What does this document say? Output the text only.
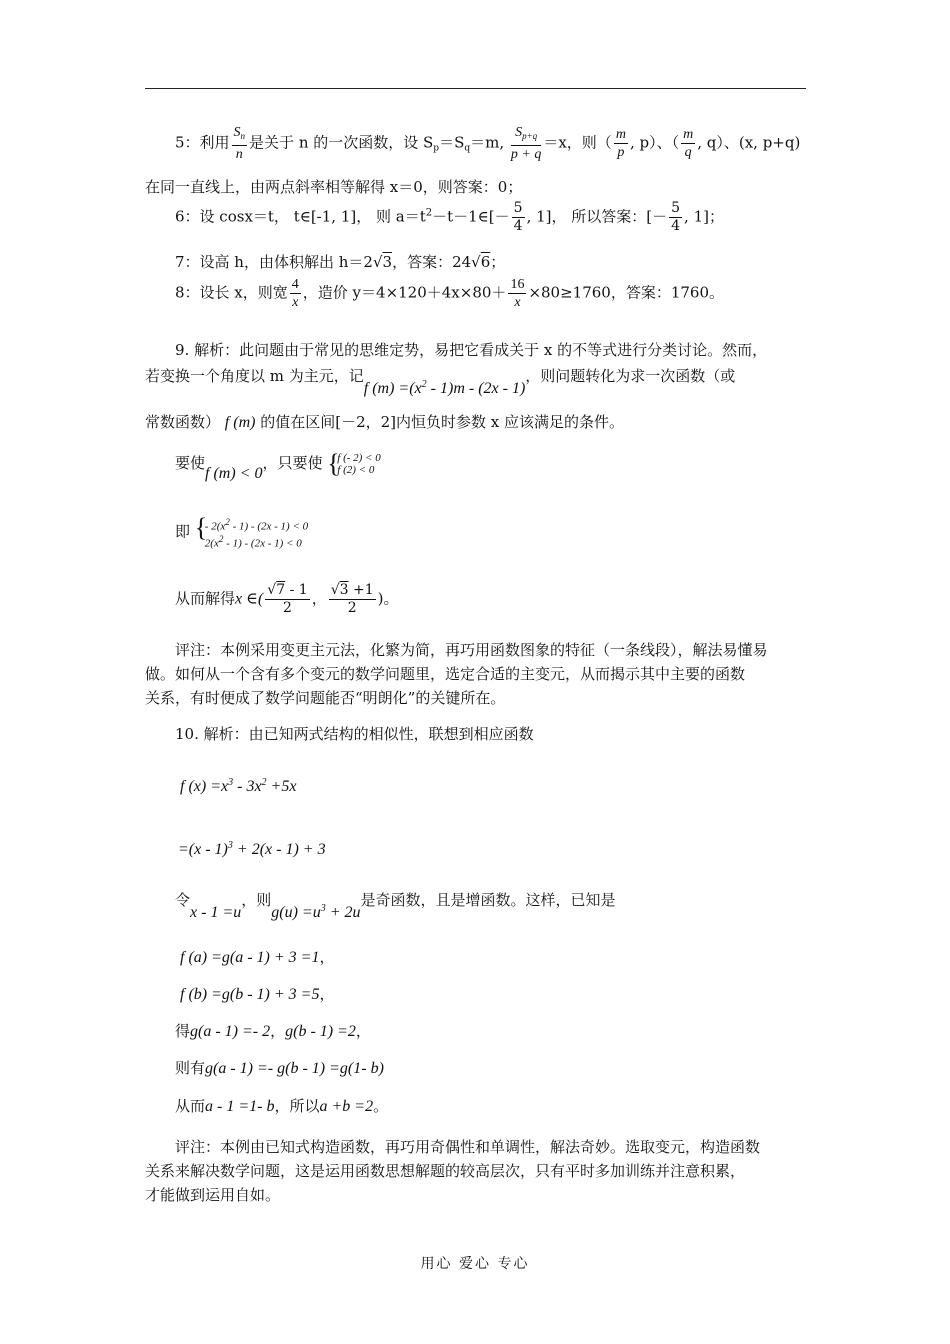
5：利用 $\frac{S_n}{n}$ 是关于 n 的一次函数，设 $S_p=S_q=m$, $\frac{S_{p+q}}{p + q} =x$，则（ $\frac{m}{p}$ , p）、（ $\frac{m}{q}$ , q）、(x, p+q)
在同一直线上，由两点斜率相等解得 x＝0，则答案：0；
6：设 cosx＝t， t∈[-1, 1]， 则 $a=t^2-t-1\in[- \frac{5}{4}$ , 1]， 所以答案：[－ $\frac{5}{4}$ , 1]；
7：设高 h，由体积解出 h＝2√3，答案：24√6；
8：设长 x，则宽 $\frac{4}{x}$ ，造价 $y=4\times 120+4x\times 80+ \frac{16}{x} \times 80\ge 1760$，答案：1760。
9. 解析：此问题由于常见的思维定势，易把它看成关于 x 的不等式进行分类讨论。然而，
若变换一个角度以 m 为主元，记f $(m) =(x^2 - 1)m - (2x - 1)$，则问题转化为求一次函数（或
常数函数） f (m) 的值在区间[－2，2]内恒负时参数 x 应该满足的条件。
要使f (m) < 0，只要使 {
f (- 2) < 0
f (2) < 0
即 {
- $2(x^2 - 1) - (2x - 1) < 0$
$2(x^2 - 1) - (2x - 1) < 0$
从而解得x ∈( $\frac{√7 - 1}{2}$ ， $\frac{√3 +1}{2}$ )。
评注：本例采用变更主元法，化繁为简，再巧用函数图象的特征（一条线段），解法易懂易
做。如何从一个含有多个变元的数学问题里，选定合适的主变元，从而揭示其中主要的函数
关系，有时便成了数学问题能否“明朗化”的关键所在。
10. 解析：由已知两式结构的相似性，联想到相应函数
f $(x) =x^3 - 3x^2 +5x$
=(x - 1)$^3$ + 2(x - 1) + 3
令x - 1 =u，则$g(u) =u^3 + 2u$是奇函数，且是增函数。这样，已知是
f (a) =g(a - 1) + 3 =1，
f (b) =g(b - 1) + 3 =5，
得g(a - 1) =- 2，g(b - 1) =2，
则有g(a - 1) =- g(b - 1) =g(1- b)
从而a - 1 =1- b，所以a +b =2。
评注：本例由已知式构造函数，再巧用奇偶性和单调性，解法奇妙。选取变元，构造函数
关系来解决数学问题，这是运用函数思想解题的较高层次，只有平时多加训练并注意积累，
才能做到运用自如。
用心 爱心 专心
